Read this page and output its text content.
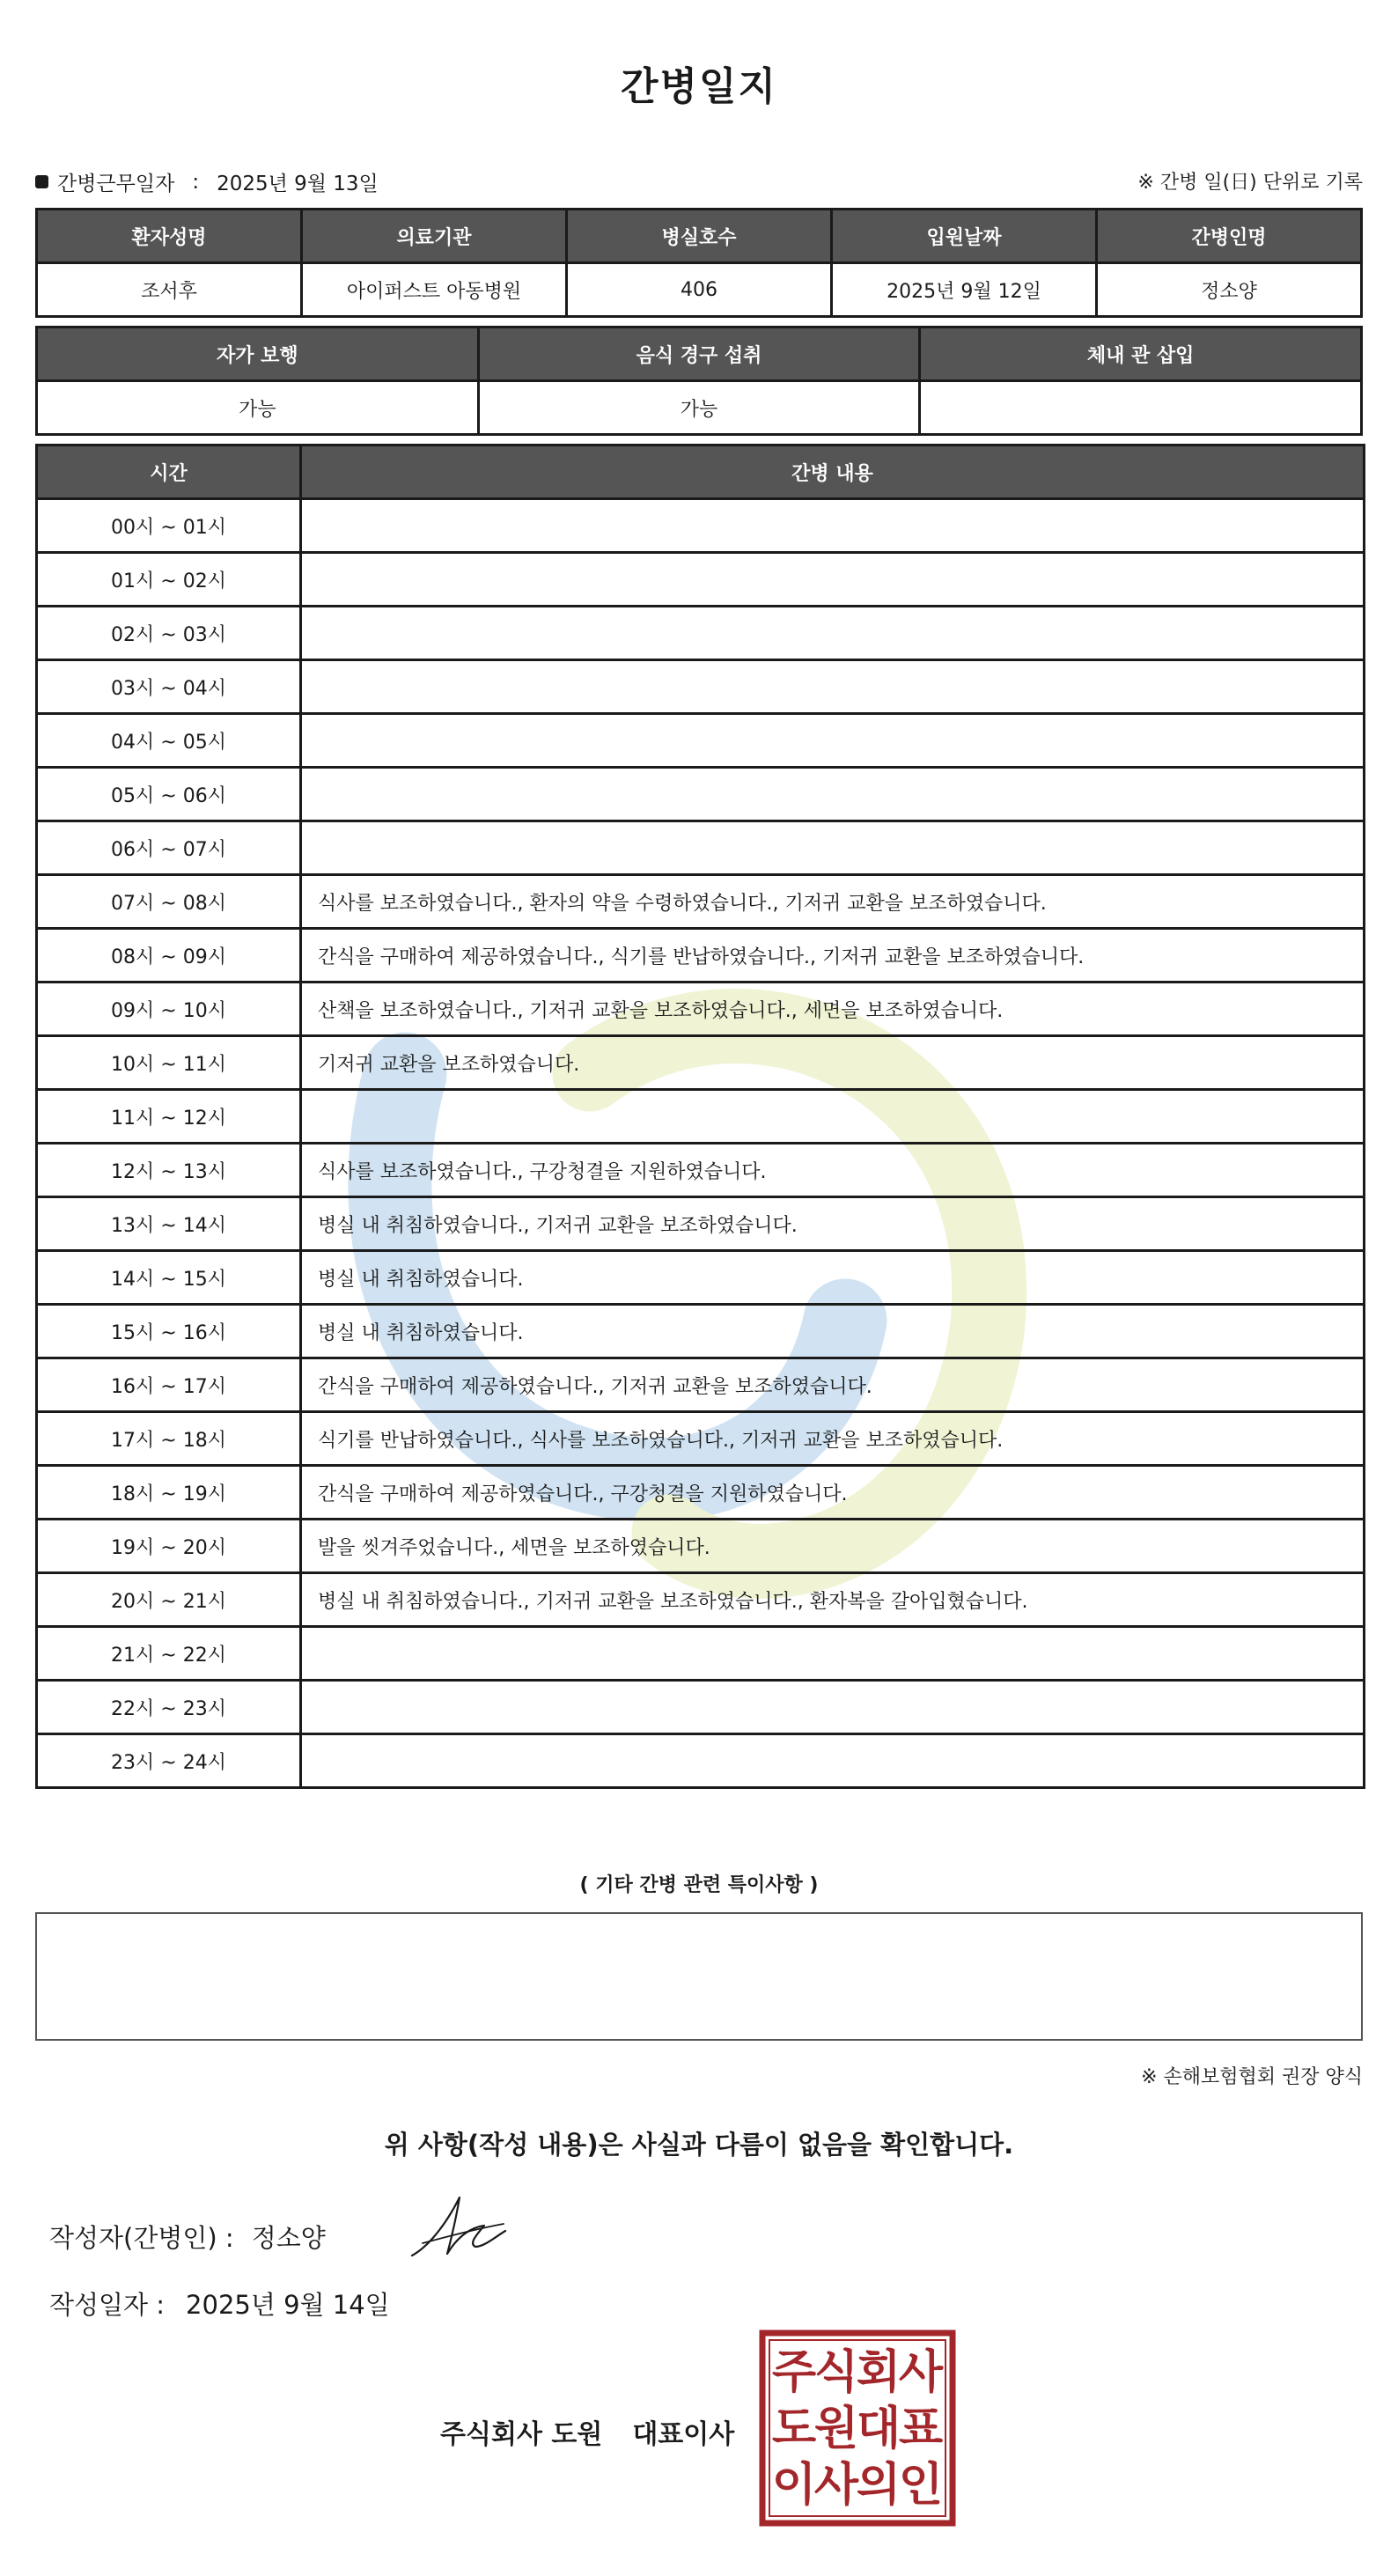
간병일지
간병근무일자 : 2025년 9월 13일	※ 간병 일(日) 단위로 기록
환자성명	의료기관	병실호수	입원날짜	간병인명
조서후	아이퍼스트 아동병원	406	2025년 9월 12일	정소양
자가 보행	음식 경구 섭취	체내 관 삽입
가능	가능	
시간	간병 내용
00시 ~ 01시	
01시 ~ 02시	
02시 ~ 03시	
03시 ~ 04시	
04시 ~ 05시	
05시 ~ 06시	
06시 ~ 07시	
07시 ~ 08시	식사를 보조하였습니다., 환자의 약을 수령하였습니다., 기저귀 교환을 보조하였습니다.
08시 ~ 09시	간식을 구매하여 제공하였습니다., 식기를 반납하였습니다., 기저귀 교환을 보조하였습니다.
09시 ~ 10시	산책을 보조하였습니다., 기저귀 교환을 보조하였습니다., 세면을 보조하였습니다.
10시 ~ 11시	기저귀 교환을 보조하였습니다.
11시 ~ 12시	
12시 ~ 13시	식사를 보조하였습니다., 구강청결을 지원하였습니다.
13시 ~ 14시	병실 내 취침하였습니다., 기저귀 교환을 보조하였습니다.
14시 ~ 15시	병실 내 취침하였습니다.
15시 ~ 16시	병실 내 취침하였습니다.
16시 ~ 17시	간식을 구매하여 제공하였습니다., 기저귀 교환을 보조하였습니다.
17시 ~ 18시	식기를 반납하였습니다., 식사를 보조하였습니다., 기저귀 교환을 보조하였습니다.
18시 ~ 19시	간식을 구매하여 제공하였습니다., 구강청결을 지원하였습니다.
19시 ~ 20시	발을 씻겨주었습니다., 세면을 보조하였습니다.
20시 ~ 21시	병실 내 취침하였습니다., 기저귀 교환을 보조하였습니다., 환자복을 갈아입혔습니다.
21시 ~ 22시	
22시 ~ 23시	
23시 ~ 24시	
( 기타 간병 관련 특이사항 )
※ 손해보험협회 권장 양식
위 사항(작성 내용)은 사실과 다름이 없음을 확인합니다.
작성자(간병인) : 정소양
작성일자 : 2025년 9월 14일
주식회사 도원 대표이사
주
식
회
사
도
원
대
표
이
사
의
인
